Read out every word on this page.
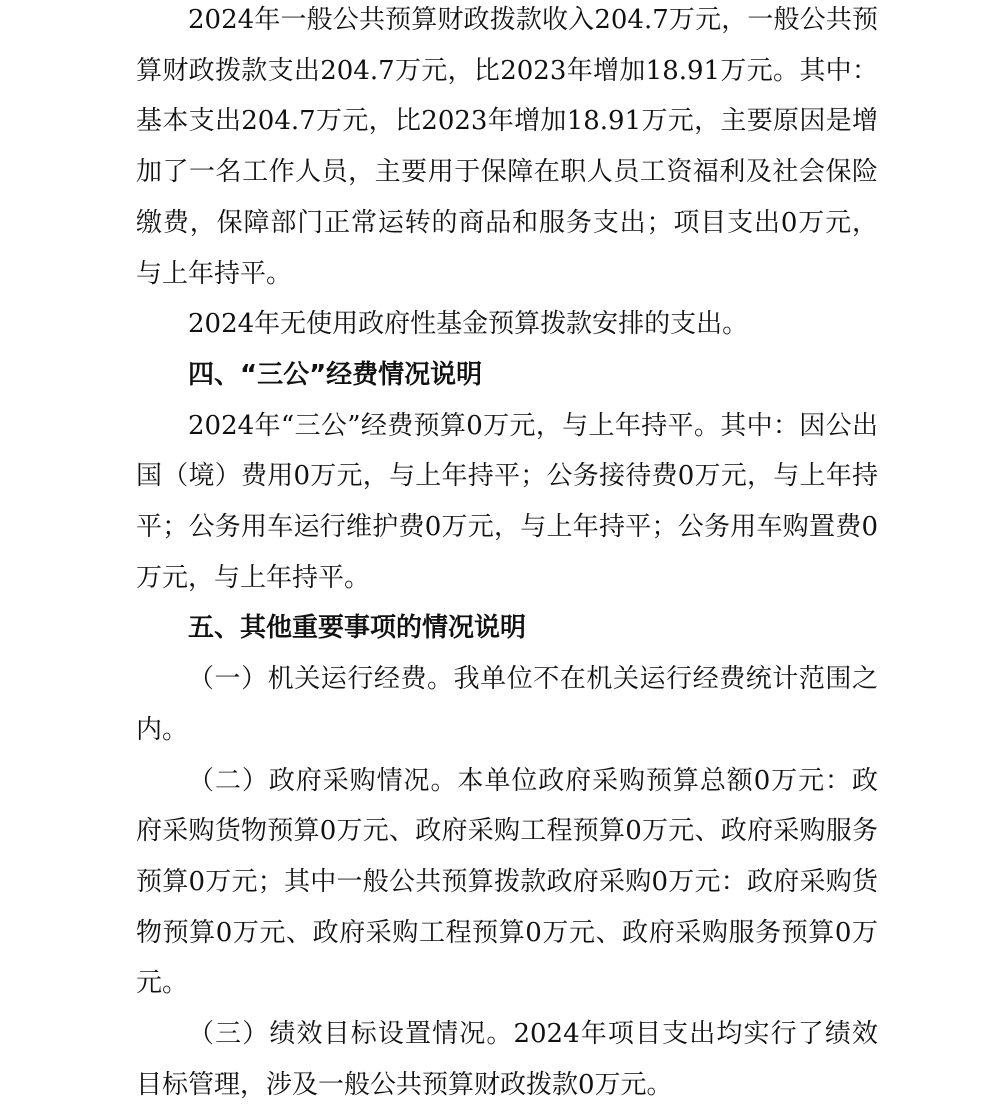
2024年一般公共预算财政拨款收入204.7万元，一般公共预算财政拨款支出204.7万元，比2023年增加18.91万元。其中：基本支出204.7万元，比2023年增加18.91万元，主要原因是增加了一名工作人员，主要用于保障在职人员工资福利及社会保险缴费，保障部门正常运转的商品和服务支出；项目支出0万元，与上年持平。

2024年无使用政府性基金预算拨款安排的支出。

四、“三公”经费情况说明

2024年“三公”经费预算0万元，与上年持平。其中：因公出国（境）费用0万元，与上年持平；公务接待费0万元，与上年持平；公务用车运行维护费0万元，与上年持平；公务用车购置费0万元，与上年持平。

五、其他重要事项的情况说明

（一）机关运行经费。我单位不在机关运行经费统计范围之内。

（二）政府采购情况。本单位政府采购预算总额0万元：政府采购货物预算0万元、政府采购工程预算0万元、政府采购服务预算0万元；其中一般公共预算拨款政府采购0万元：政府采购货物预算0万元、政府采购工程预算0万元、政府采购服务预算0万元。

（三）绩效目标设置情况。2024年项目支出均实行了绩效目标管理，涉及一般公共预算财政拨款0万元。
